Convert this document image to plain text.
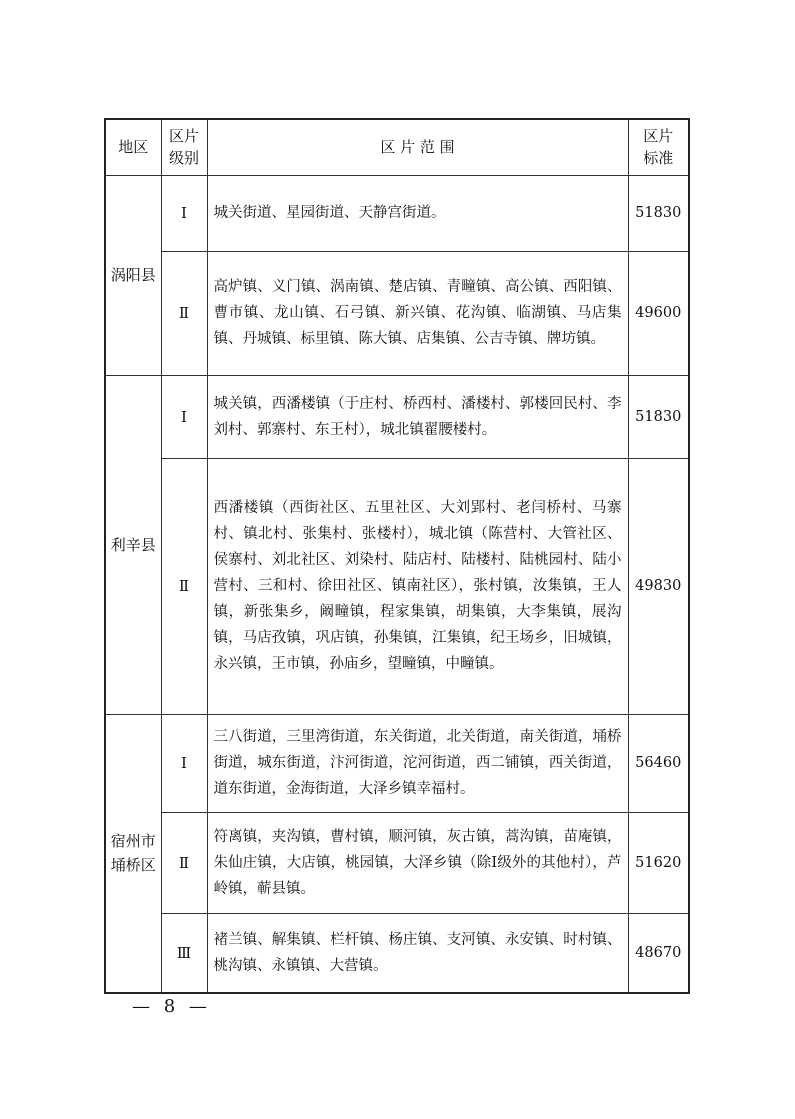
地区	区片级别	区 片 范 围	区片标准
涡阳县	Ⅰ	城关街道、星园街道、天静宫街道。	51830
	Ⅱ	高炉镇、义门镇、涡南镇、楚店镇、青疃镇、高公镇、西阳镇、曹市镇、龙山镇、石弓镇、新兴镇、花沟镇、临湖镇、马店集镇、丹城镇、标里镇、陈大镇、店集镇、公吉寺镇、牌坊镇。	49600
利辛县	Ⅰ	城关镇，西潘楼镇（于庄村、桥西村、潘楼村、郭楼回民村、李刘村、郭寨村、东王村），城北镇翟腰楼村。	51830
	Ⅱ	西潘楼镇（西街社区、五里社区、大刘郢村、老闫桥村、马寨村、镇北村、张集村、张楼村），城北镇（陈营村、大管社区、侯寨村、刘北社区、刘染村、陆店村、陆楼村、陆桃园村、陆小营村、三和村、徐田社区、镇南社区），张村镇，汝集镇，王人镇，新张集乡，阚疃镇，程家集镇，胡集镇，大李集镇，展沟镇，马店孜镇，巩店镇，孙集镇，江集镇，纪王场乡，旧城镇，永兴镇，王市镇，孙庙乡，望疃镇，中疃镇。	49830
宿州市埇桥区	Ⅰ	三八街道，三里湾街道，东关街道，北关街道，南关街道，埇桥街道，城东街道，汴河街道，沱河街道，西二铺镇，西关街道，道东街道，金海街道，大泽乡镇幸福村。	56460
	Ⅱ	符离镇，夹沟镇，曹村镇，顺河镇，灰古镇，蒿沟镇，苗庵镇，朱仙庄镇，大店镇，桃园镇，大泽乡镇（除Ⅰ级外的其他村），芦岭镇，蕲县镇。	51620
	Ⅲ	褚兰镇、解集镇、栏杆镇、杨庄镇、支河镇、永安镇、时村镇、桃沟镇、永镇镇、大营镇。	48670
— 8 —
